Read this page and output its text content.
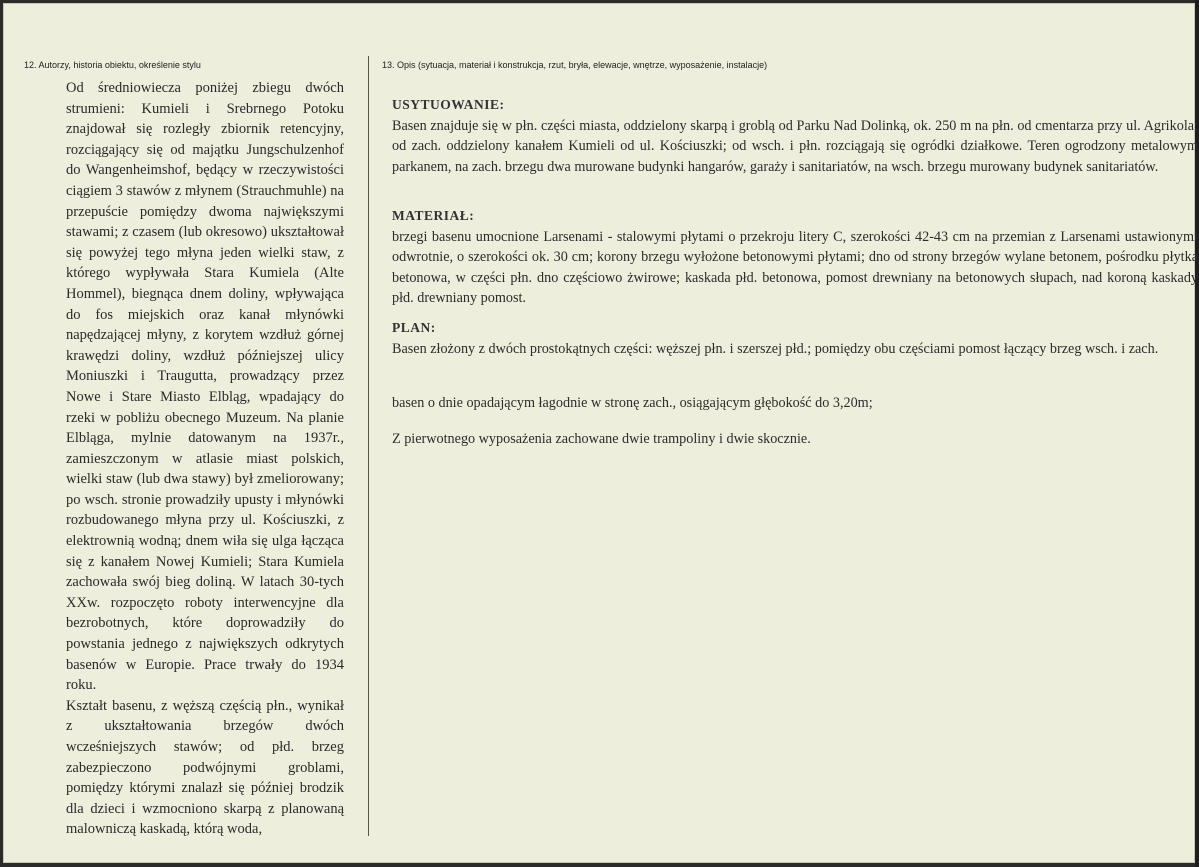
12. Autorzy, historia obiektu, określenie stylu	13. Opis (sytuacja, materiał i konstrukcja, rzut, bryła, elewacje, wnętrze, wyposażenie, instalacje)

Od średniowiecza poniżej zbiegu dwóch strumieni: Kumieli i Srebrnego Potoku znajdował się rozległy zbiornik retencyjny, rozciągający się od majątku Jungschulzenhof do Wangenheimshof, będący w rzeczywistości ciągiem 3 stawów z młynem (Strauchmuhle) na przepuście pomiędzy dwoma największymi stawami; z czasem (lub okresowo) ukształtował się powyżej tego młyna jeden wielki staw, z którego wypływała Stara Kumiela (Alte Hommel), biegnąca dnem doliny, wpływająca do fos miejskich oraz kanał młynówki napędzającej młyny, z korytem wzdłuż górnej krawędzi doliny, wzdłuż późniejszej ulicy Moniuszki i Traugutta, prowadzący przez Nowe i Stare Miasto Elbląg, wpadający do rzeki w pobliżu obecnego Muzeum. Na planie Elbląga, mylnie datowanym na 1937r., zamieszczonym w atlasie miast polskich, wielki staw (lub dwa stawy) był zmeliorowany; po wsch. stronie prowadziły upusty i młynówki rozbudowanego młyna przy ul. Kościuszki, z elektrownią wodną; dnem wiła się ulga łącząca się z kanałem Nowej Kumieli; Stara Kumiela zachowała swój bieg doliną. W latach 30-tych XXw. rozpoczęto roboty interwencyjne dla bezrobotnych, które doprowadziły do powstania jednego z największych odkrytych basenów w Europie. Prace trwały do 1934 roku.

Kształt basenu, z węższą częścią płn., wynikał z ukształtowania brzegów dwóch wcześniejszych stawów; od płd. brzeg zabezpieczono podwójnymi groblami, pomiędzy którymi znalazł się później brodzik dla dzieci i wzmocniono skarpą z planowaną malowniczą kaskadą, którą woda,

USYTUOWANIE:

Basen znajduje się w płn. części miasta, oddzielony skarpą i groblą od Parku Nad Dolinką, ok. 250 m na płn. od cmentarza przy ul. Agrikola; od zach. oddzielony kanałem Kumieli od ul. Kościuszki; od wsch. i płn. rozciągają się ogródki działkowe. Teren ogrodzony metalowym parkanem, na zach. brzegu dwa murowane budynki hangarów, garaży i sanitariatów, na wsch. brzegu murowany budynek sanitariatów.

MATERIAŁ:

brzegi basenu umocnione Larsenami - stalowymi płytami o przekroju litery C, szerokości 42-43 cm na przemian z Larsenami ustawionymi odwrotnie, o szerokości ok. 30 cm; korony brzegu wyłożone betonowymi płytami; dno od strony brzegów wylane betonem, pośrodku płytka betonowa, w części płn. dno częściowo żwirowe; kaskada płd. betonowa, pomost drewniany na betonowych słupach, nad koroną kaskady płd. drewniany pomost.

PLAN:

Basen złożony z dwóch prostokątnych części: węższej płn. i szerszej płd.; pomiędzy obu częściami pomost łączący brzeg wsch. i zach.

basen o dnie opadającym łagodnie w stronę zach., osiągającym głębokość do 3,20m;

Z pierwotnego wyposażenia zachowane dwie trampoliny i dwie skocznie.
